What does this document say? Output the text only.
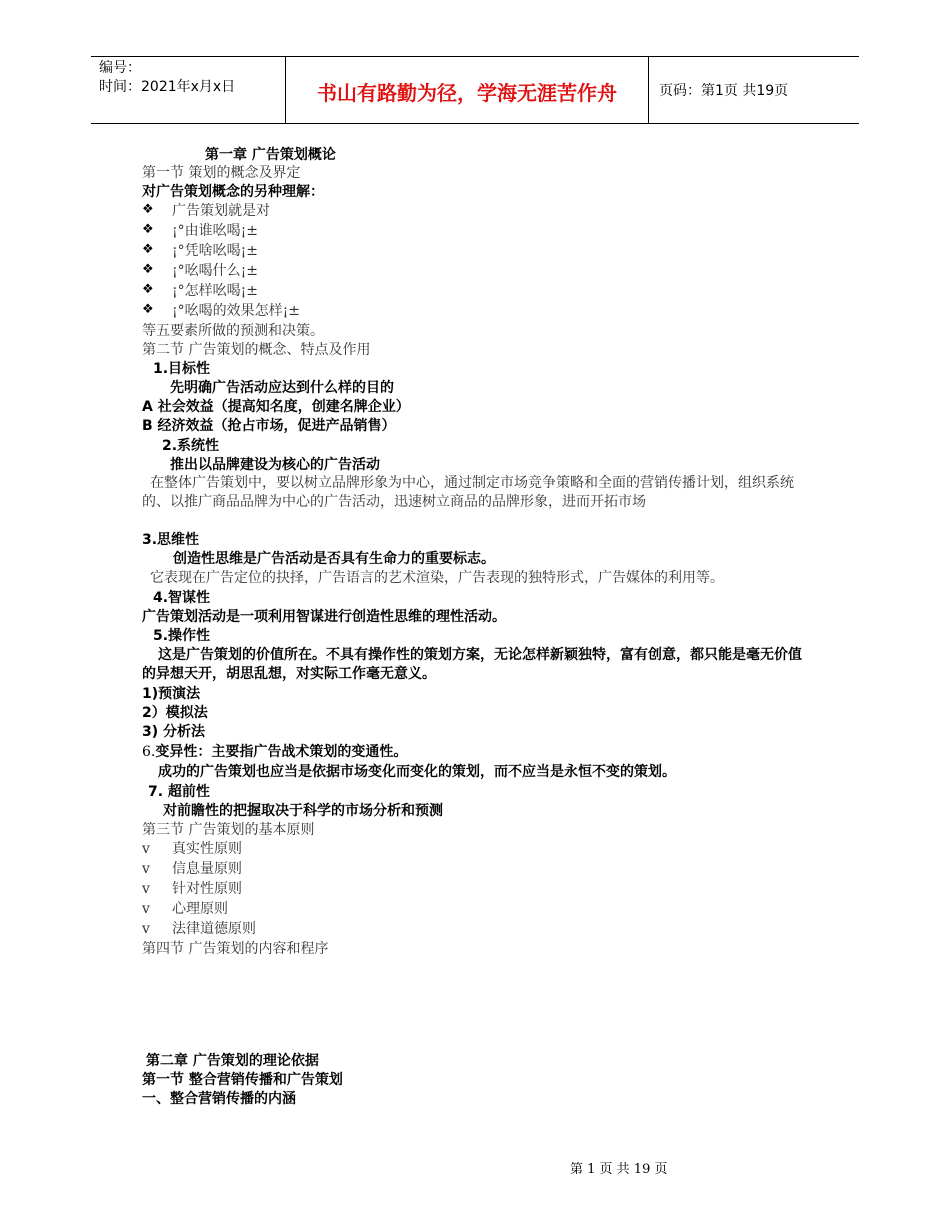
编号：
时间：2021年x月x日	书山有路勤为径，学海无涯苦作舟	页码：第1页 共19页
第一章 广告策划概论
第一节 策划的概念及界定
对广告策划概念的另种理解：
❖ 广告策划就是对
❖ ¡°由谁吆喝¡±
❖ ¡°凭啥吆喝¡±
❖ ¡°吆喝什么¡±
❖ ¡°怎样吆喝¡±
❖ ¡°吆喝的效果怎样¡±
等五要素所做的预测和决策。
第二节 广告策划的概念、特点及作用
1.目标性
先明确广告活动应达到什么样的目的
A 社会效益（提高知名度，创建名牌企业）
B 经济效益（抢占市场，促进产品销售）
2.系统性
推出以品牌建设为核心的广告活动
在整体广告策划中，要以树立品牌形象为中心，通过制定市场竞争策略和全面的营销传播计划，组织系统的、以推广商品品牌为中心的广告活动，迅速树立商品的品牌形象，进而开拓市场
3.思维性
创造性思维是广告活动是否具有生命力的重要标志。
它表现在广告定位的抉择，广告语言的艺术渲染，广告表现的独特形式，广告媒体的利用等。
4.智谋性
广告策划活动是一项利用智谋进行创造性思维的理性活动。
5.操作性
这是广告策划的价值所在。不具有操作性的策划方案，无论怎样新颖独特，富有创意，都只能是毫无价值的异想天开，胡思乱想，对实际工作毫无意义。
1)预演法
2）模拟法
3) 分析法
6.变异性：主要指广告战术策划的变通性。
成功的广告策划也应当是依据市场变化而变化的策划，而不应当是永恒不变的策划。
7. 超前性
对前瞻性的把握取决于科学的市场分析和预测
第三节 广告策划的基本原则
v 真实性原则
v 信息量原则
v 针对性原则
v 心理原则
v 法律道德原则
第四节 广告策划的内容和程序
第二章 广告策划的理论依据
第一节 整合营销传播和广告策划
一、整合营销传播的内涵
第 1 页 共 19 页
